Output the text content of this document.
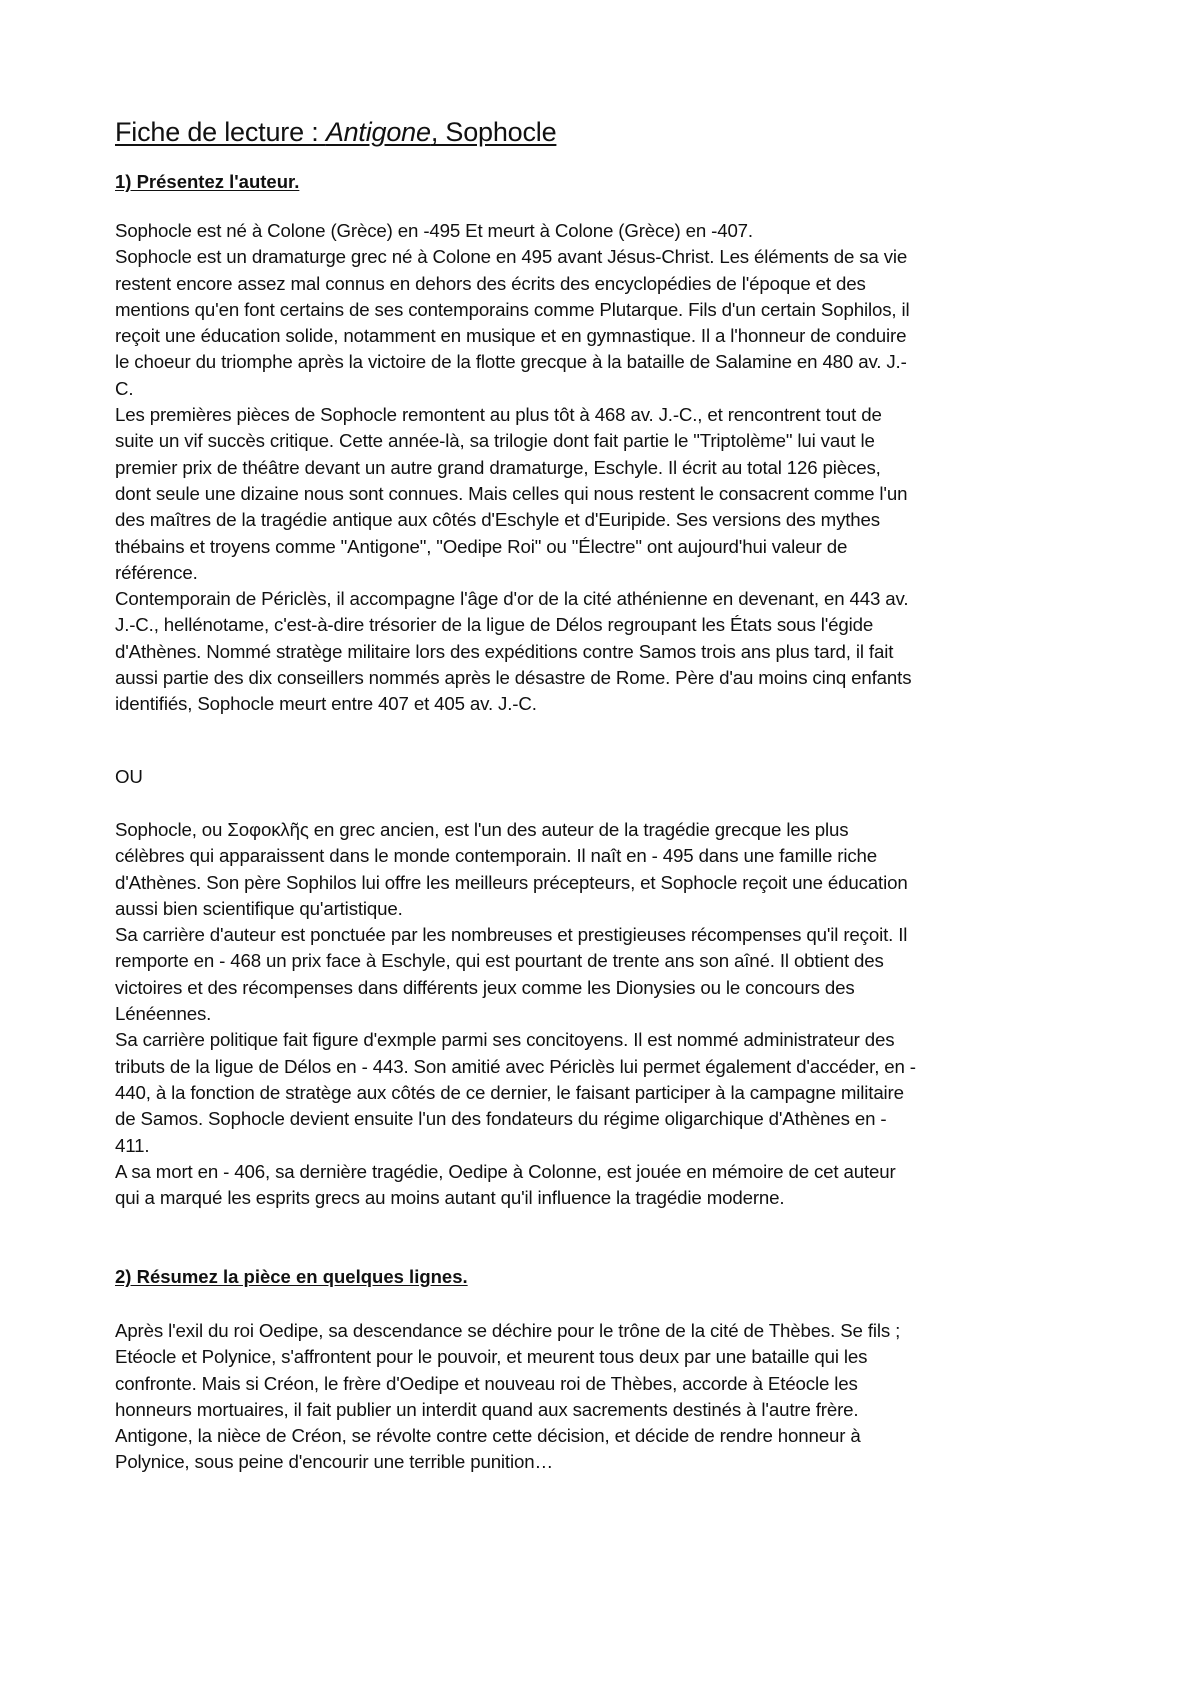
Fiche de lecture : Antigone, Sophocle
1) Présentez l'auteur.
Sophocle est né à Colone (Grèce) en -495 Et meurt à Colone (Grèce) en -407.
Sophocle est un dramaturge grec né à Colone en 495 avant Jésus-Christ. Les éléments de sa vie
restent encore assez mal connus en dehors des écrits des encyclopédies de l'époque et des
mentions qu'en font certains de ses contemporains comme Plutarque. Fils d'un certain Sophilos, il
reçoit une éducation solide, notamment en musique et en gymnastique. Il a l'honneur de conduire
le choeur du triomphe après la victoire de la flotte grecque à la bataille de Salamine en 480 av. J.-
C.
Les premières pièces de Sophocle remontent au plus tôt à 468 av. J.-C., et rencontrent tout de
suite un vif succès critique. Cette année-là, sa trilogie dont fait partie le "Triptolème" lui vaut le
premier prix de théâtre devant un autre grand dramaturge, Eschyle. Il écrit au total 126 pièces,
dont seule une dizaine nous sont connues. Mais celles qui nous restent le consacrent comme l'un
des maîtres de la tragédie antique aux côtés d'Eschyle et d'Euripide. Ses versions des mythes
thébains et troyens comme "Antigone", "Oedipe Roi" ou "Électre" ont aujourd'hui valeur de
référence.
Contemporain de Périclès, il accompagne l'âge d'or de la cité athénienne en devenant, en 443 av.
J.-C., hellénotame, c'est-à-dire trésorier de la ligue de Délos regroupant les États sous l'égide
d'Athènes. Nommé stratège militaire lors des expéditions contre Samos trois ans plus tard, il fait
aussi partie des dix conseillers nommés après le désastre de Rome. Père d'au moins cinq enfants
identifiés, Sophocle meurt entre 407 et 405 av. J.-C.
OU
Sophocle, ou Σοφοκλῆς en grec ancien, est l'un des auteur de la tragédie grecque les plus
célèbres qui apparaissent dans le monde contemporain. Il naît en - 495 dans une famille riche
d'Athènes. Son père Sophilos lui offre les meilleurs précepteurs, et Sophocle reçoit une éducation
aussi bien scientifique qu'artistique.
Sa carrière d'auteur est ponctuée par les nombreuses et prestigieuses récompenses qu'il reçoit. Il
remporte en - 468 un prix face à Eschyle, qui est pourtant de trente ans son aîné. Il obtient des
victoires et des récompenses dans différents jeux comme les Dionysies ou le concours des
Lénéennes.
Sa carrière politique fait figure d'exmple parmi ses concitoyens. Il est nommé administrateur des
tributs de la ligue de Délos en - 443. Son amitié avec Périclès lui permet également d'accéder, en -
440, à la fonction de stratège aux côtés de ce dernier, le faisant participer à la campagne militaire
de Samos. Sophocle devient ensuite l'un des fondateurs du régime oligarchique d'Athènes en -
411.
A sa mort en - 406, sa dernière tragédie, Oedipe à Colonne, est jouée en mémoire de cet auteur
qui a marqué les esprits grecs au moins autant qu'il influence la tragédie moderne.
2) Résumez la pièce en quelques lignes.
Après l'exil du roi Oedipe, sa descendance se déchire pour le trône de la cité de Thèbes. Se fils ;
Etéocle et Polynice, s'affrontent pour le pouvoir, et meurent tous deux par une bataille qui les
confronte. Mais si Créon, le frère d'Oedipe et nouveau roi de Thèbes, accorde à Etéocle les
honneurs mortuaires, il fait publier un interdit quand aux sacrements destinés à l'autre frère.
Antigone, la nièce de Créon, se révolte contre cette décision, et décide de rendre honneur à
Polynice, sous peine d'encourir une terrible punition…
